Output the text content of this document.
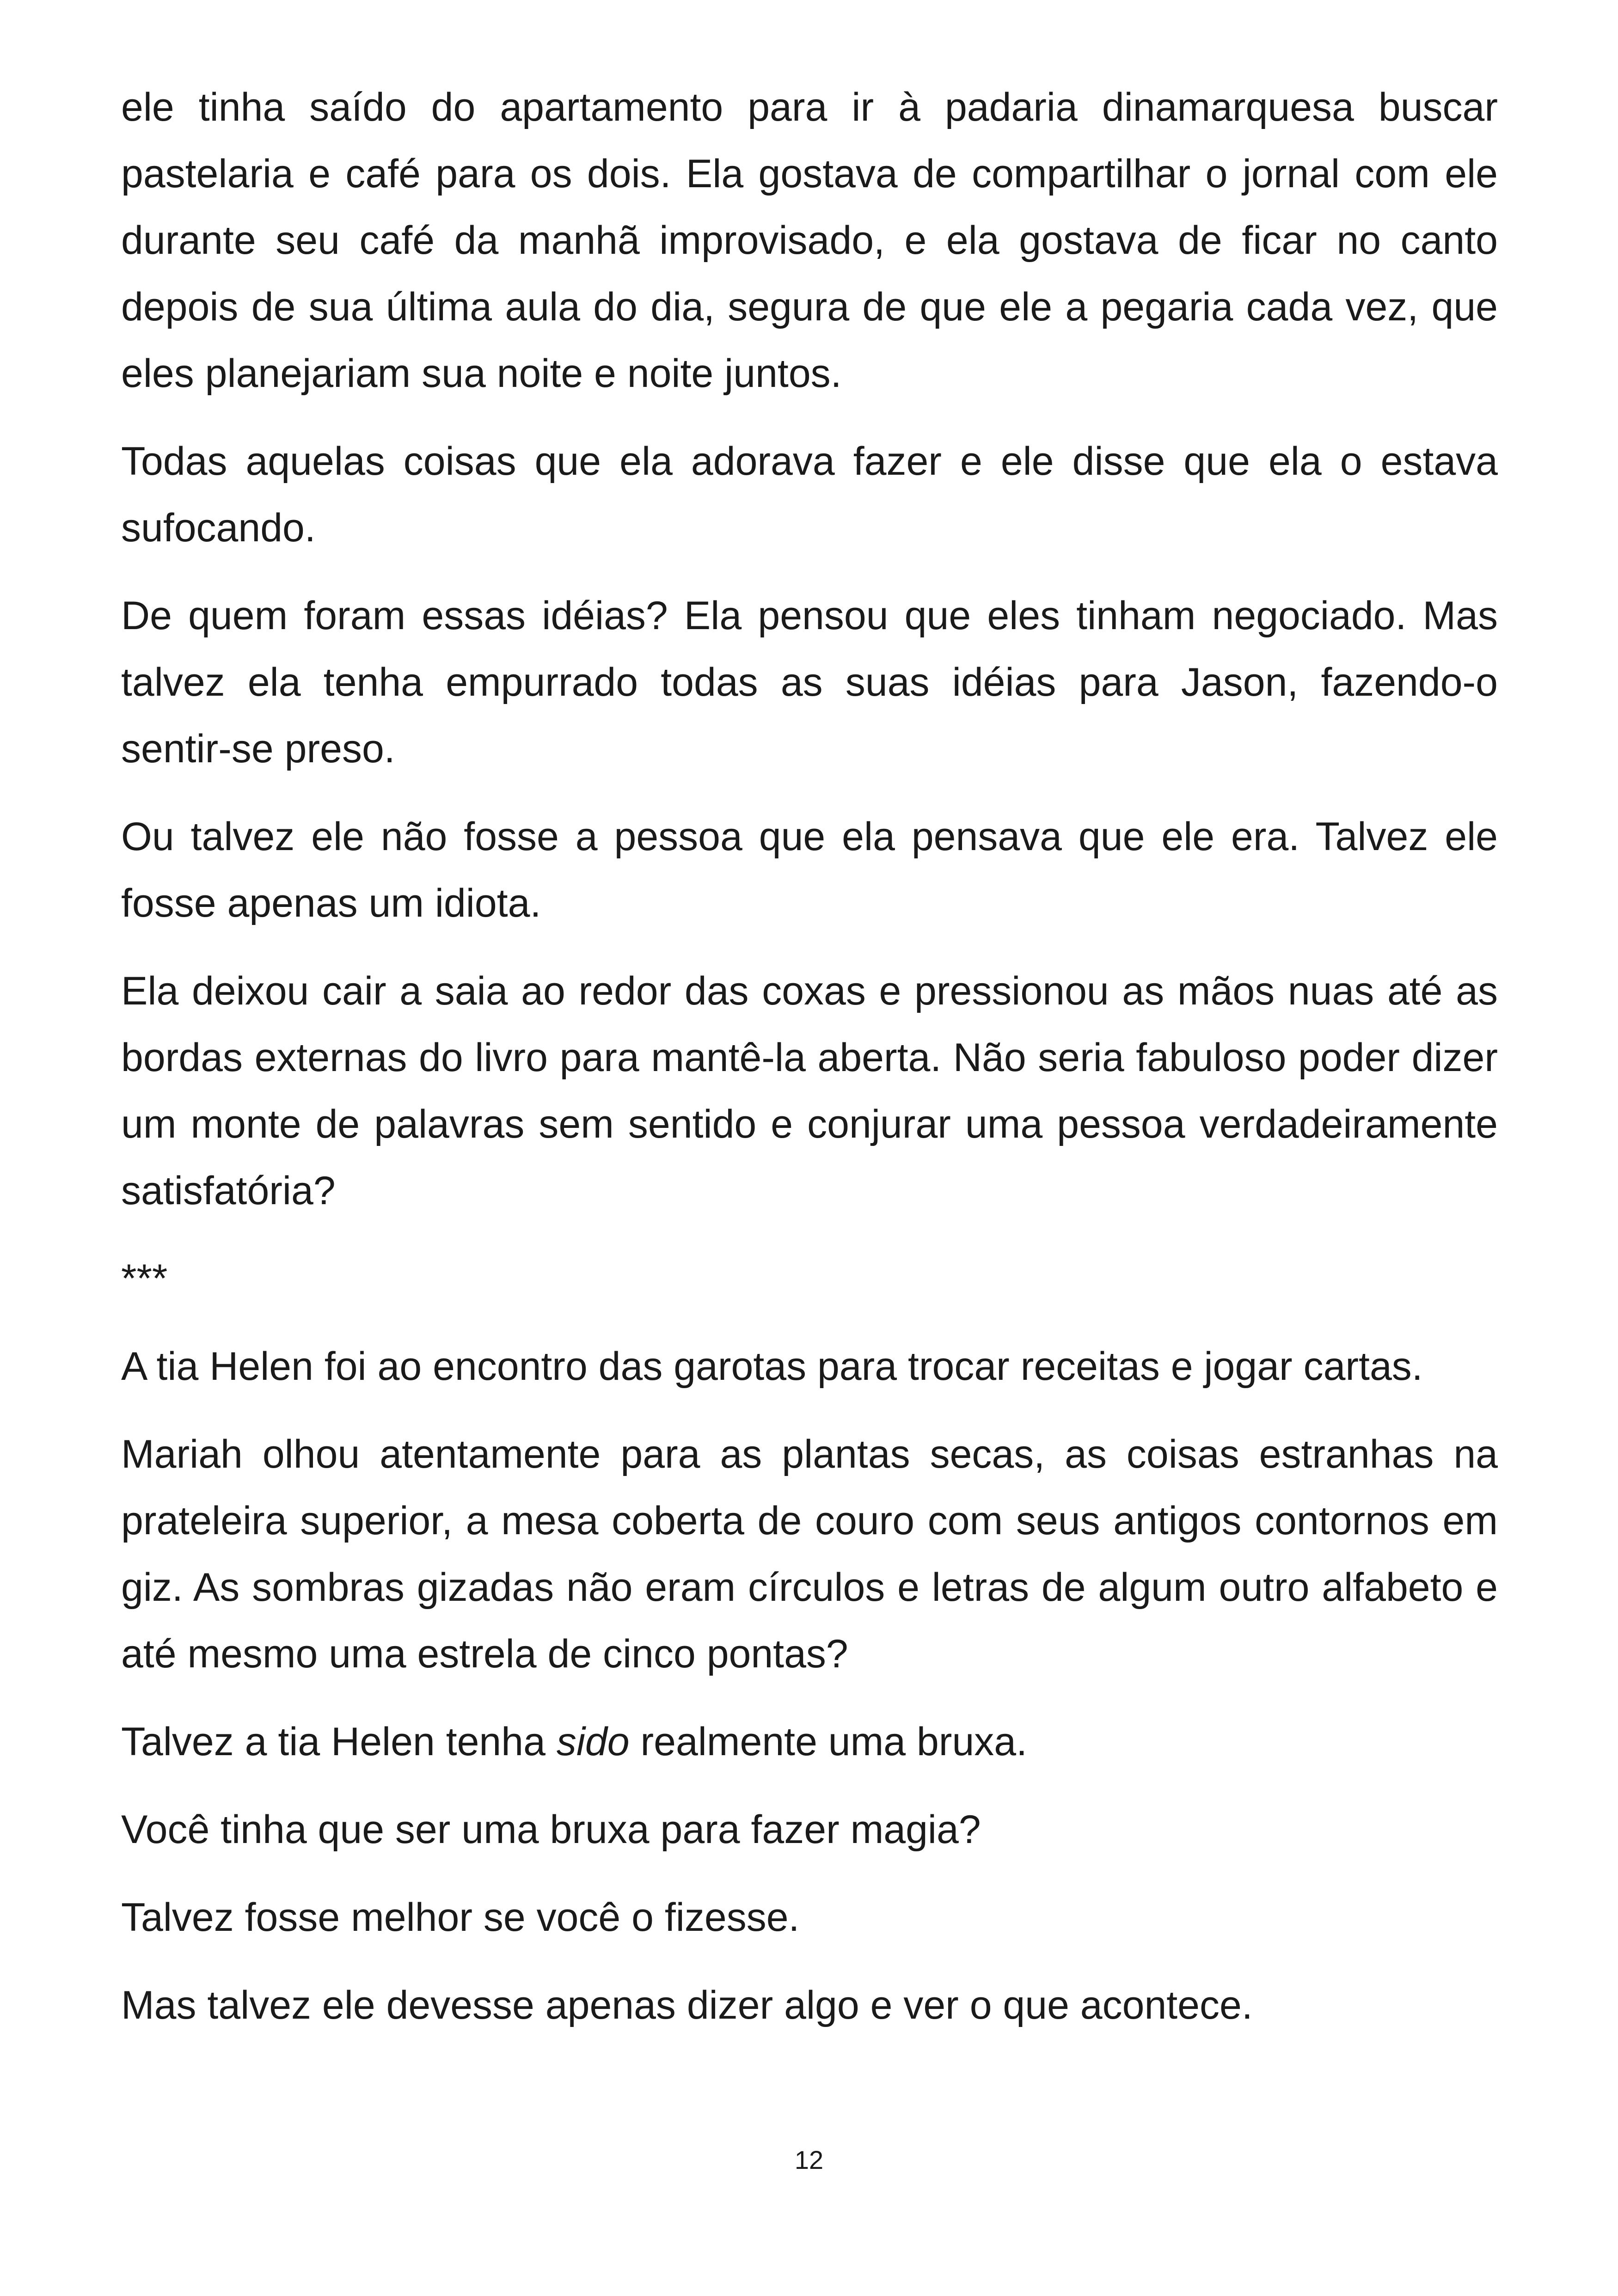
ele tinha saído do apartamento para ir à padaria dinamarquesa buscar pastelaria e café para os dois. Ela gostava de compartilhar o jornal com ele durante seu café da manhã improvisado, e ela gostava de ficar no canto depois de sua última aula do dia, segura de que ele a pegaria cada vez, que eles planejariam sua noite e noite juntos.

Todas aquelas coisas que ela adorava fazer e ele disse que ela o estava sufocando.

De quem foram essas idéias? Ela pensou que eles tinham negociado. Mas talvez ela tenha empurrado todas as suas idéias para Jason, fazendo-o sentir-se preso.

Ou talvez ele não fosse a pessoa que ela pensava que ele era. Talvez ele fosse apenas um idiota.

Ela deixou cair a saia ao redor das coxas e pressionou as mãos nuas até as bordas externas do livro para mantê-la aberta. Não seria fabuloso poder dizer um monte de palavras sem sentido e conjurar uma pessoa verdadeiramente satisfatória?

***

A tia Helen foi ao encontro das garotas para trocar receitas e jogar cartas.

Mariah olhou atentamente para as plantas secas, as coisas estranhas na prateleira superior, a mesa coberta de couro com seus antigos contornos em giz. As sombras gizadas não eram círculos e letras de algum outro alfabeto e até mesmo uma estrela de cinco pontas?

Talvez a tia Helen tenha sido realmente uma bruxa.

Você tinha que ser uma bruxa para fazer magia?

Talvez fosse melhor se você o fizesse.

Mas talvez ele devesse apenas dizer algo e ver o que acontece.

12
